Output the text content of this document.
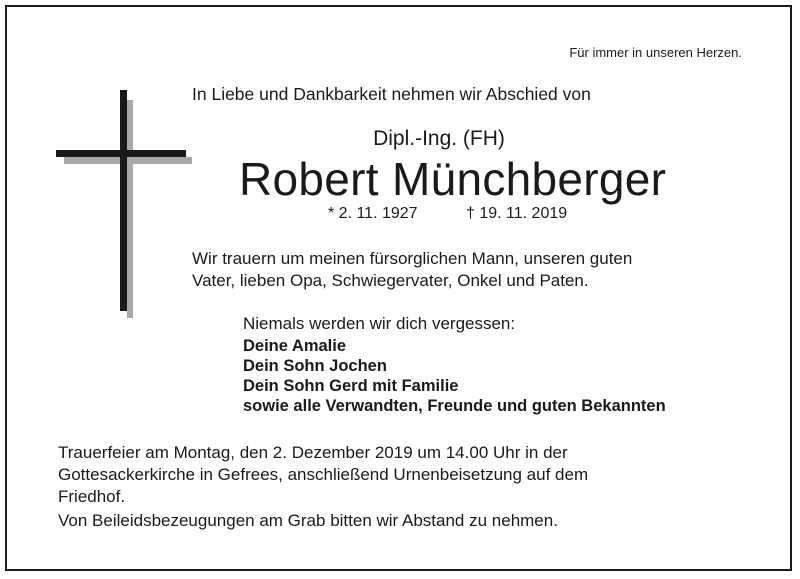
Für immer in unseren Herzen.
In Liebe und Dankbarkeit nehmen wir Abschied von
Dipl.-Ing. (FH)
Robert Münchberger
* 2. 11. 1927	† 19. 11. 2019
Wir trauern um meinen fürsorglichen Mann, unseren guten
Vater, lieben Opa, Schwiegervater, Onkel und Paten.
Niemals werden wir dich vergessen:
Deine Amalie
Dein Sohn Jochen
Dein Sohn Gerd mit Familie
sowie alle Verwandten, Freunde und guten Bekannten
Trauerfeier am Montag, den 2. Dezember 2019 um 14.00 Uhr in der
Gottesackerkirche in Gefrees, anschließend Urnenbeisetzung auf dem
Friedhof.
Von Beileidsbezeugungen am Grab bitten wir Abstand zu nehmen.
